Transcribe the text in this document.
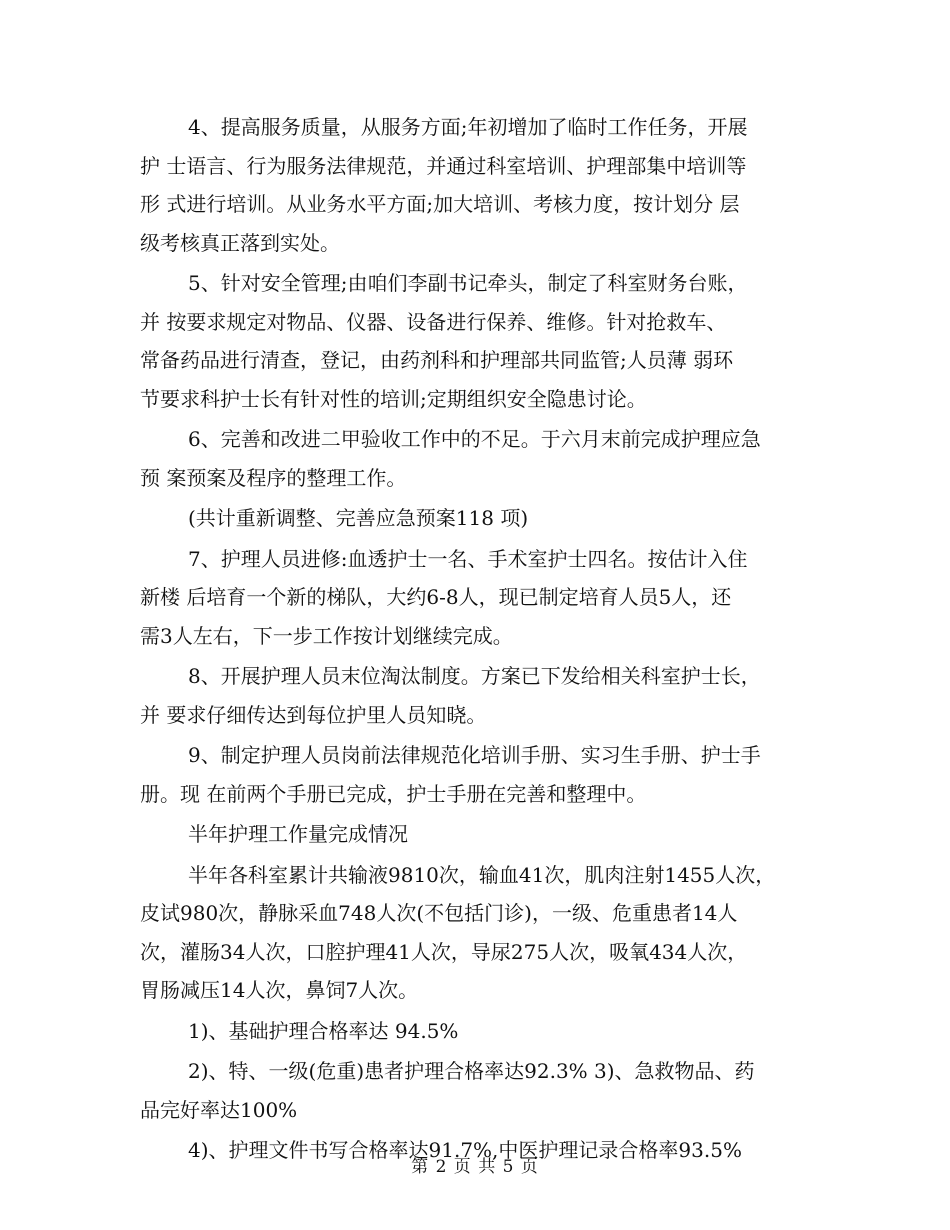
4、提高服务质量，从服务方面;年初增加了临时工作任务，开展
护 士语言、行为服务法律规范，并通过科室培训、护理部集中培训等
形 式进行培训。从业务水平方面;加大培训、考核力度，按计划分 层
级考核真正落到实处。

5、针对安全管理;由咱们李副书记牵头，制定了科室财务台账，
并 按要求规定对物品、仪器、设备进行保养、维修。针对抢救车、
常备药品进行清查，登记，由药剂科和护理部共同监管;人员薄 弱环
节要求科护士长有针对性的培训;定期组织安全隐患讨论。

6、完善和改进二甲验收工作中的不足。于六月末前完成护理应急
预 案预案及程序的整理工作。

(共计重新调整、完善应急预案118 项)

7、护理人员进修:血透护士一名、手术室护士四名。按估计入住
新楼 后培育一个新的梯队，大约6-8人，现已制定培育人员5人，还
需3人左右，下一步工作按计划继续完成。

8、开展护理人员末位淘汰制度。方案已下发给相关科室护士长，
并 要求仔细传达到每位护里人员知晓。

9、制定护理人员岗前法律规范化培训手册、实习生手册、护士手
册。现 在前两个手册已完成，护士手册在完善和整理中。

半年护理工作量完成情况

半年各科室累计共输液9810次，输血41次，肌肉注射1455人次，
皮试980次，静脉采血748人次(不包括门诊)，一级、危重患者14人
次，灌肠34人次，口腔护理41人次，导尿275人次，吸氧434人次，
胃肠减压14人次，鼻饲7人次。

1)、基础护理合格率达 94.5%

2)、特、一级(危重)患者护理合格率达92.3% 3)、急救物品、药
品完好率达100%

4)、护理文件书写合格率达91.7%,中医护理记录合格率93.5%

第 2 页 共 5 页
